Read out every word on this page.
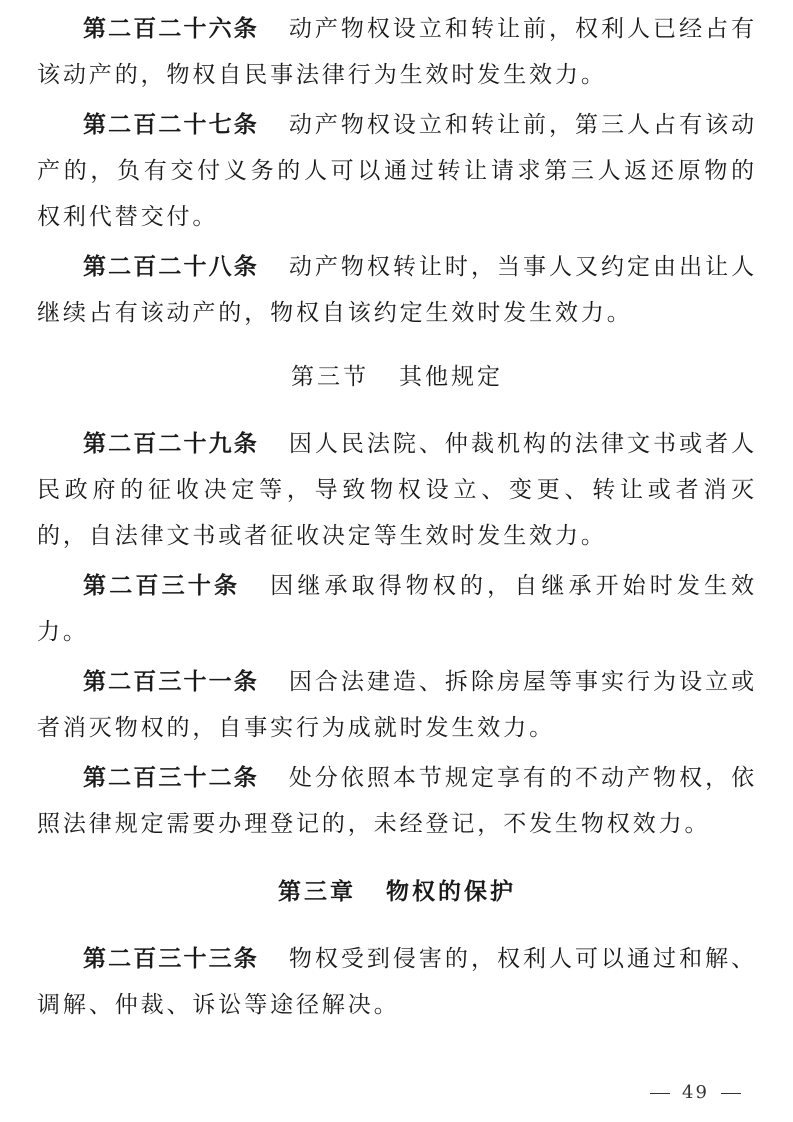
第二百二十六条 动产物权设立和转让前，权利人已经占有该动产的，物权自民事法律行为生效时发生效力。

第二百二十七条 动产物权设立和转让前，第三人占有该动产的，负有交付义务的人可以通过转让请求第三人返还原物的权利代替交付。

第二百二十八条 动产物权转让时，当事人又约定由出让人继续占有该动产的，物权自该约定生效时发生效力。

第三节 其他规定

第二百二十九条 因人民法院、仲裁机构的法律文书或者人民政府的征收决定等，导致物权设立、变更、转让或者消灭的，自法律文书或者征收决定等生效时发生效力。

第二百三十条 因继承取得物权的，自继承开始时发生效力。

第二百三十一条 因合法建造、拆除房屋等事实行为设立或者消灭物权的，自事实行为成就时发生效力。

第二百三十二条 处分依照本节规定享有的不动产物权，依照法律规定需要办理登记的，未经登记，不发生物权效力。

第三章 物权的保护

第二百三十三条 物权受到侵害的，权利人可以通过和解、调解、仲裁、诉讼等途径解决。

49
